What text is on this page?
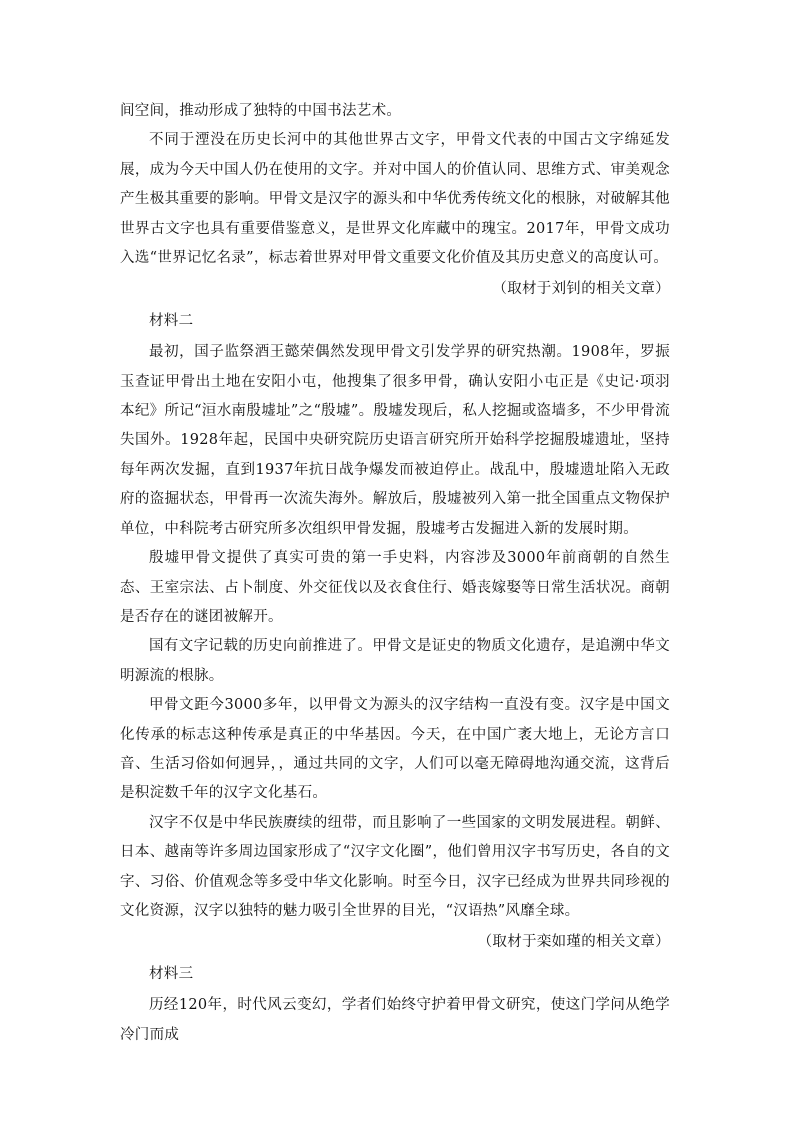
间空间，推动形成了独特的中国书法艺术。

不同于湮没在历史长河中的其他世界古文字，甲骨文代表的中国古文字绵延发展，成为今天中国人仍在使用的文字。并对中国人的价值认同、思维方式、审美观念产生极其重要的影响。甲骨文是汉字的源头和中华优秀传统文化的根脉，对破解其他世界古文字也具有重要借鉴意义，是世界文化库藏中的瑰宝。2017年，甲骨文成功入选“世界记忆名录”，标志着世界对甲骨文重要文化价值及其历史意义的高度认可。

（取材于刘钊的相关文章）

材料二

最初，国子监祭酒王懿荣偶然发现甲骨文引发学界的研究热潮。1908年，罗振玉查证甲骨出土地在安阳小屯，他搜集了很多甲骨，确认安阳小屯正是《史记·项羽本纪》所记“洹水南殷墟址”之“殷墟”。殷墟发现后，私人挖掘或盗墙多，不少甲骨流失国外。1928年起，民国中央研究院历史语言研究所开始科学挖掘殷墟遗址，坚持每年两次发掘，直到1937年抗日战争爆发而被迫停止。战乱中，殷墟遗址陷入无政府的盗掘状态，甲骨再一次流失海外。解放后，殷墟被列入第一批全国重点文物保护单位，中科院考古研究所多次组织甲骨发掘，殷墟考古发掘进入新的发展时期。

殷墟甲骨文提供了真实可贵的第一手史料，内容涉及3000年前商朝的自然生态、王室宗法、占卜制度、外交征伐以及衣食住行、婚丧嫁娶等日常生活状况。商朝是否存在的谜团被解开。

国有文字记载的历史向前推进了。甲骨文是证史的物质文化遗存，是追溯中华文明源流的根脉。

甲骨文距今3000多年，以甲骨文为源头的汉字结构一直没有变。汉字是中国文化传承的标志这种传承是真正的中华基因。今天，在中国广袤大地上，无论方言口音、生活习俗如何迥异，，通过共同的文字，人们可以毫无障碍地沟通交流，这背后是积淀数千年的汉字文化基石。

汉字不仅是中华民族赓续的纽带，而且影响了一些国家的文明发展进程。朝鲜、日本、越南等许多周边国家形成了“汉字文化圈”，他们曾用汉字书写历史，各自的文字、习俗、价值观念等多受中华文化影响。时至今日，汉字已经成为世界共同珍视的文化资源，汉字以独特的魅力吸引全世界的目光，“汉语热”风靡全球。

（取材于栾如瑾的相关文章）

材料三

历经120年，时代风云变幻，学者们始终守护着甲骨文研究，使这门学问从绝学冷门而成
